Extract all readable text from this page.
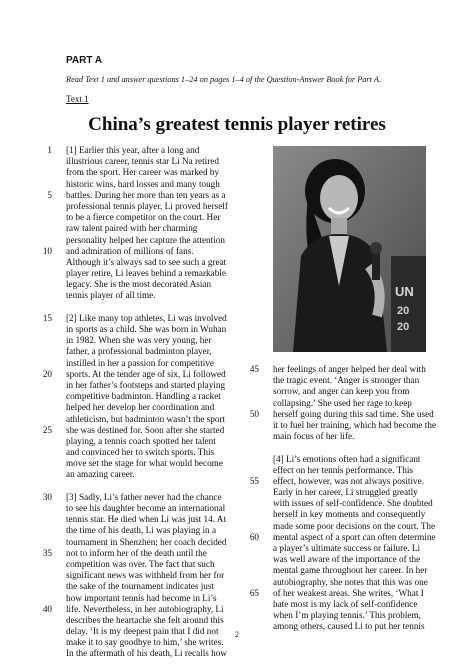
PART A
Read Text 1 and answer questions 1–24 on pages 1–4 of the Question-Answer Book for Part A.
Text 1
China’s greatest tennis player retires
[1] Earlier this year, after a long and
illustrious career, tennis star Li Na retired
from the sport. Her career was marked by
historic wins, hard losses and many tough
battles. During her more than ten years as a
professional tennis player, Li proved herself
to be a fierce competitor on the court. Her
raw talent paired with her charming
personality helped her capture the attention
and admiration of millions of fans.
Although it’s always sad to see such a great
player retire, Li leaves behind a remarkable
legacy. She is the most decorated Asian
tennis player of all time.
[2] Like many top athletes, Li was involved
in sports as a child. She was born in Wuhan
in 1982. When she was very young, her
father, a professional badminton player,
instilled in her a passion for competitive
sports. At the tender age of six, Li followed
in her father’s footsteps and started playing
competitive badminton. Handling a racket
helped her develop her coordination and
athleticism, but badminton wasn’t the sport
she was destined for. Soon after she started
playing, a tennis coach spotted her talent
and convinced her to switch sports. This
move set the stage for what would become
an amazing career.
[3] Sadly, Li’s father never had the chance
to see his daughter become an international
tennis star. He died when Li was just 14. At
the time of his death, Li was playing in a
tournament in Shenzhen; her coach decided
not to inform her of the death until the
competition was over. The fact that such
significant news was withheld from her for
the sake of the tournament indicates just
how important tennis had become in Li’s
life. Nevertheless, in her autobiography, Li
describes the heartache she felt around this
delay. ‘It is my deepest pain that I did not
make it to say goodbye to him,’ she writes.
In the aftermath of his death, Li recalls how
her feelings of anger helped her deal with
the tragic event. ‘Anger is stronger than
sorrow, and anger can keep you from
collapsing.’ She used her rage to keep
herself going during this sad time. She used
it to fuel her training, which had become the
main focus of her life.
[4] Li’s emotions often had a significant
effect on her tennis performance. This
effect, however, was not always positive.
Early in her career, Li struggled greatly
with issues of self-confidence. She doubted
herself in key moments and consequently
made some poor decisions on the court. The
mental aspect of a sport can often determine
a player’s ultimate success or failure. Li
was well aware of the importance of the
mental game throughout her career. In her
autobiography, she notes that this was one
of her weakest areas. She writes, ‘What I
hate most is my lack of self-confidence
when I’m playing tennis.’ This problem,
among others, caused Li to put her tennis
1
5
10
15
20
25
30
35
40
45
50
55
60
65
UN
20
20
2
